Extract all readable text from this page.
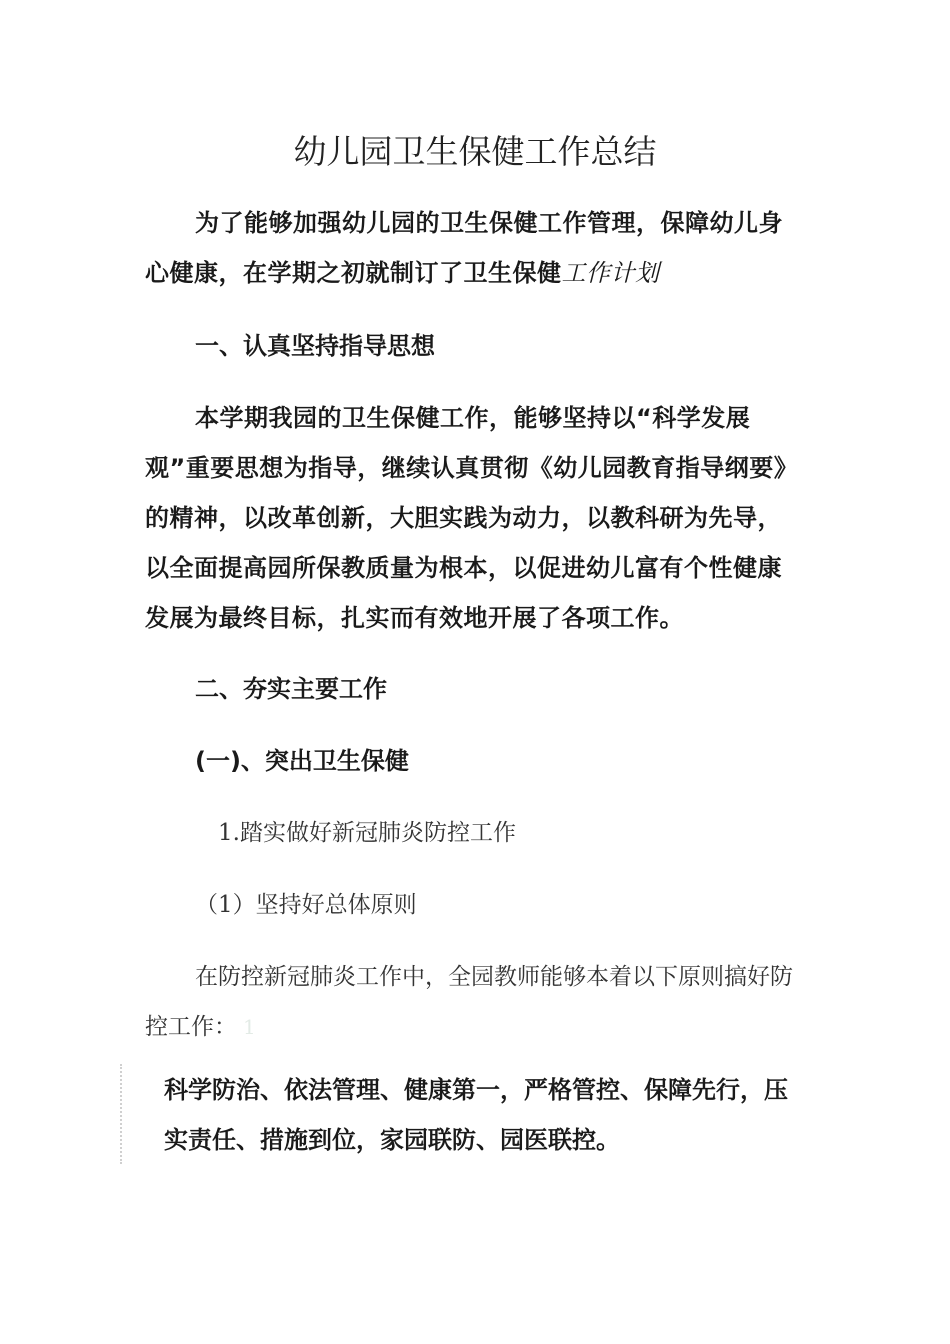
幼儿园卫生保健工作总结

为了能够加强幼儿园的卫生保健工作管理，保障幼儿身心健康，在学期之初就制订了卫生保健工作计划

一、认真坚持指导思想

本学期我园的卫生保健工作，能够坚持以“科学发展观”重要思想为指导，继续认真贯彻《幼儿园教育指导纲要》的精神，以改革创新，大胆实践为动力，以教科研为先导，以全面提高园所保教质量为根本，以促进幼儿富有个性健康发展为最终目标，扎实而有效地开展了各项工作。

二、夯实主要工作
(一)、突出卫生保健

1.踏实做好新冠肺炎防控工作

（1）坚持好总体原则

在防控新冠肺炎工作中，全园教师能够本着以下原则搞好防控工作： 1

科学防治、依法管理、健康第一，严格管控、保障先行，压实责任、措施到位，家园联防、园医联控。
